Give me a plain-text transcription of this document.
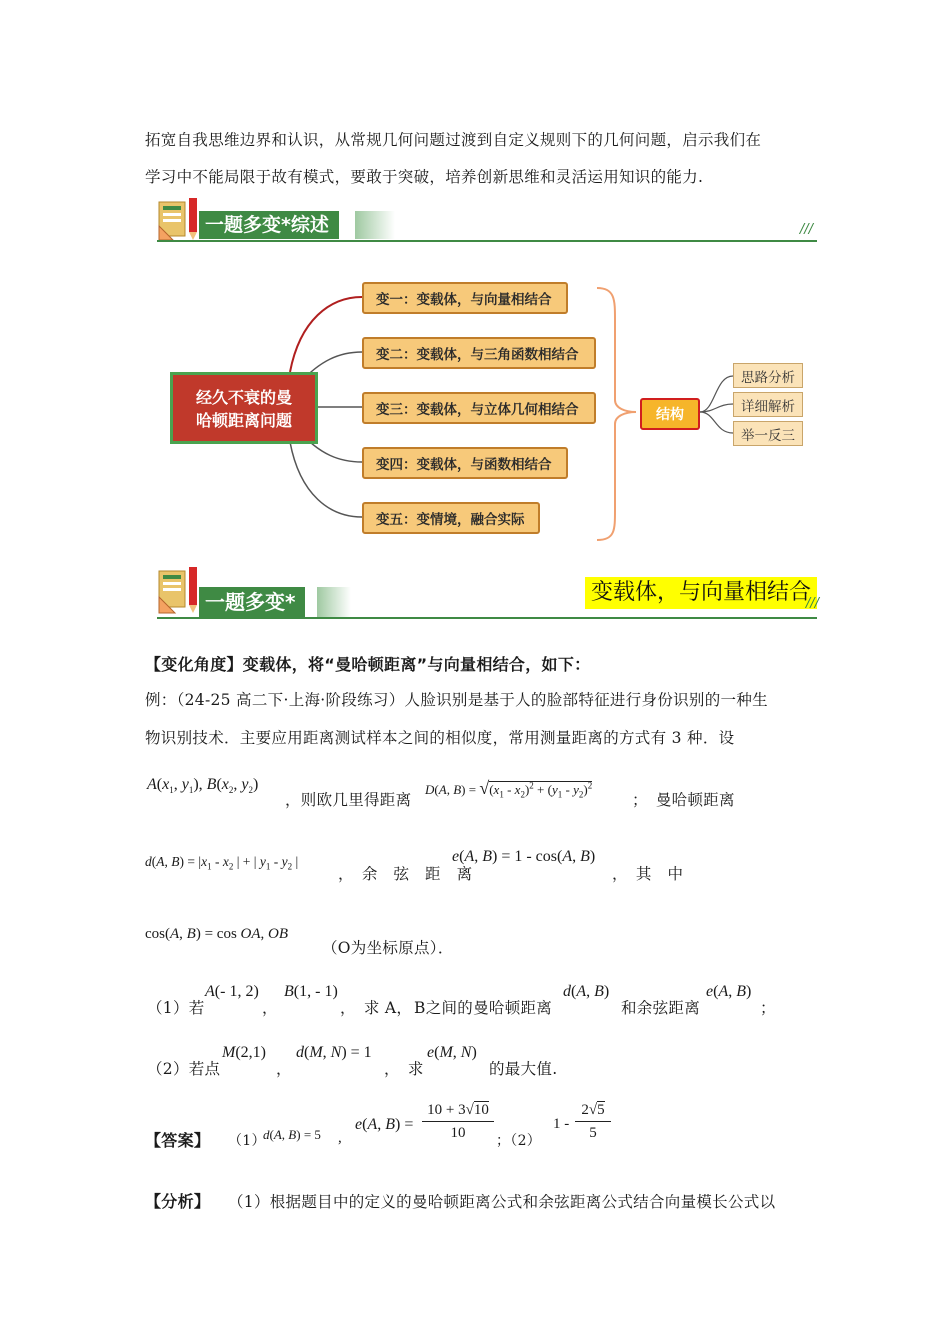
拓宽自我思维边界和认识，从常规几何问题过渡到自定义规则下的几何问题，启示我们在
学习中不能局限于故有模式，要敢于突破，培养创新思维和灵活运用知识的能力.
一题多变*综述	///
经久不衰的曼
哈顿距离问题
变一：变载体，与向量相结合
变二：变载体，与三角函数相结合
变三：变载体，与立体几何相结合
变四：变载体，与函数相结合
变五：变情境，融合实际
结构
思路分析
详细解析
举一反三
一题多变*	变载体，与向量相结合
///
【变化角度】变载体，将“曼哈顿距离”与向量相结合，如下：
例：（24-25 高二下·上海·阶段练习）人脸识别是基于人的脸部特征进行身份识别的一种生
物识别技术．主要应用距离测试样本之间的相似度，常用测量距离的方式有 3 种．设
$A(x_1$, $y_1$), $B(x_2$, $y_2$)
，则欧几里得距离
D(A, $B) = √(x_1 - x_2)^2 + (y_1 - y_2)^2$
；　曼哈顿距离
d(A, $B) = |x_1 - x_2$ | + | $y_1 - y_2$ |
，　余　弦　距　离
e(A, B) = 1 - cos(A, B)
，　其　中
cos(A, B) = cos OA, OB
（O为坐标原点）．
（1）若
A(- 1, 2)
，
B(1, - 1)
，　求 A， B之间的曼哈顿距离
d(A, B)
和余弦距离
e(A, B)
；
（2）若点
M(2,1)
，
d(M, N) = 1
，　求
e(M, N)
的最大值.
【答案】 （1）
d(A, B) = 5 ,
e(A, B) =
10 + 3√10
10	；（2）
1 -
2√5
5
【分析】 （1）根据题目中的定义的曼哈顿距离公式和余弦距离公式结合向量模长公式以
